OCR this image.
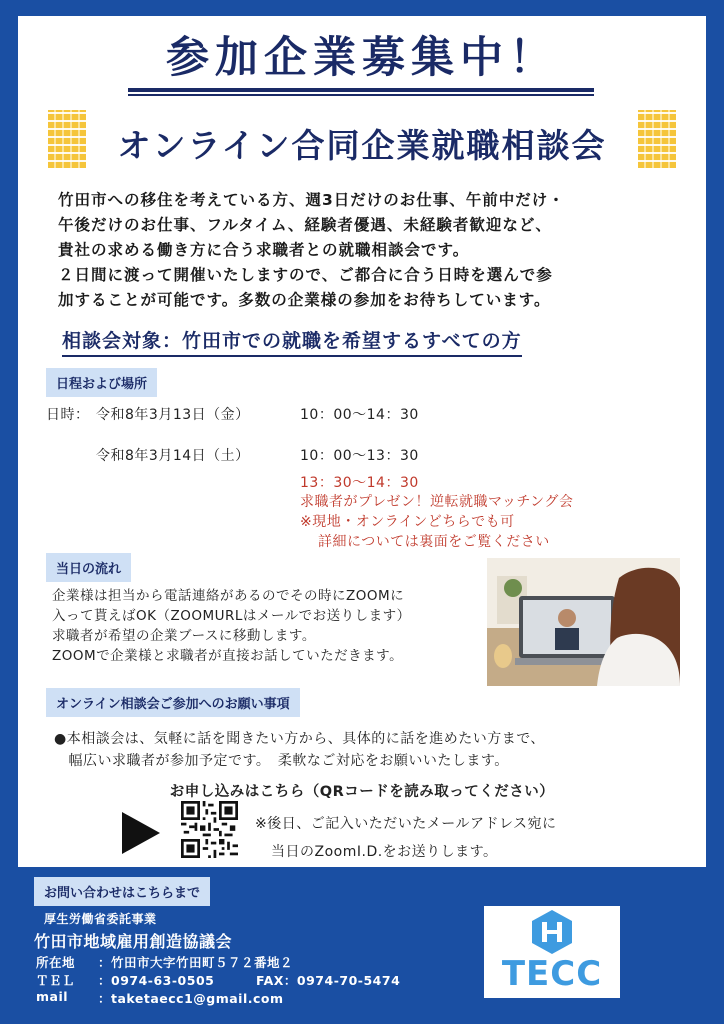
参加企業募集中！
オンライン合同企業就職相談会

竹田市への移住を考えている方、週3日だけのお仕事、午前中だけ・

午後だけのお仕事、フルタイム、経験者優遇、未経験者歓迎など、

貴社の求める働き方に合う求職者との就職相談会です。

２日間に渡って開催いたしますので、ご都合に合う日時を選んで参

加することが可能です。多数の企業様の参加をお待ちしています。

相談会対象：竹田市での就職を希望するすべての方
日程および場所
日時： 令和8年3月13日（金）	10：00～14：30
令和8年3月14日（土）	10：00～13：30
13：30～14：30
求職者がプレゼン！逆転就職マッチング会
※現地・オンラインどちらでも可
詳細については裏面をご覧ください
当日の流れ

企業様は担当から電話連絡があるのでその時にZOOMに

入って貰えばOK（ZOOMURLはメールでお送りします）

求職者が希望の企業ブースに移動します。

ZOOMで企業様と求職者が直接お話していただきます。

オンライン相談会ご参加へのお願い事項

●本相談会は、気軽に話を聞きたい方から、具体的に話を進めたい方まで、

　幅広い求職者が参加予定です。　柔軟なご対応をお願いいたします。

お申し込みはこちら（QRコードを読み取ってください）

※後日、ご記入いただいたメールアドレス宛に

当日のZoomI.D.をお送りします。

お問い合わせはこちらまで
厚生労働省委託事業
竹田市地域雇用創造協議会
所在地 ：竹田市大字竹田町５７２番地２
ＴＥＬ ：0974-63-0505	FAX：0974-70-5474
mail ：taketaecc1@gmail.com
TECC
